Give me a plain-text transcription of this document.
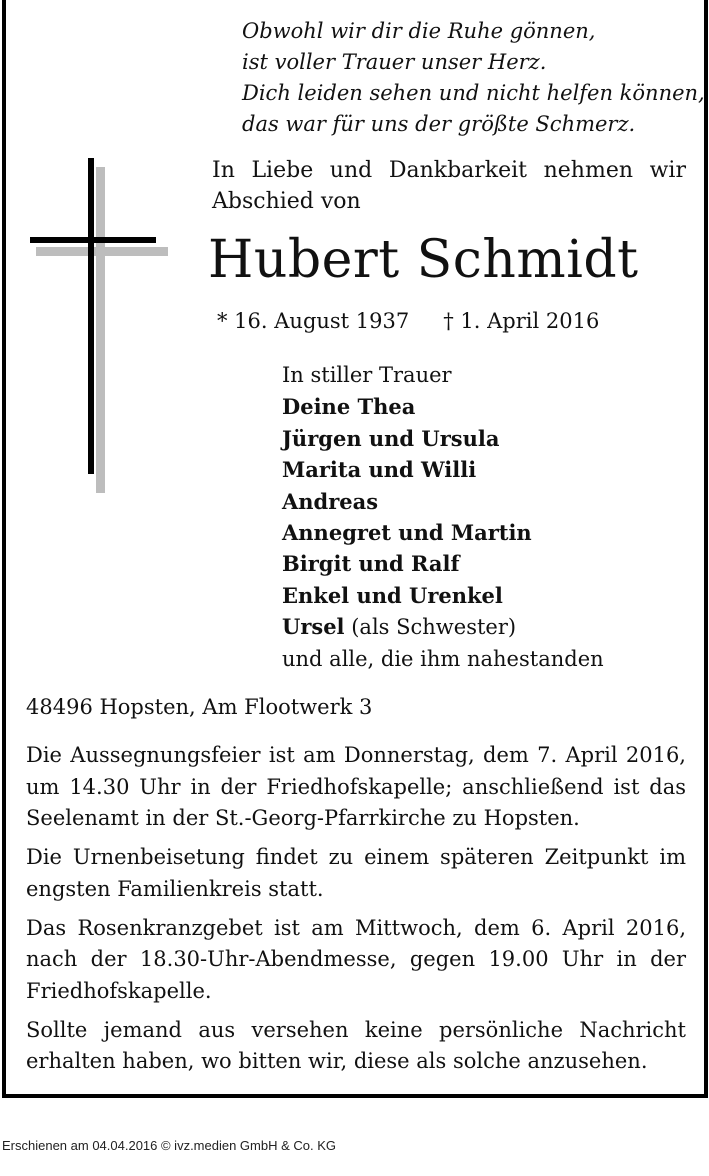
Obwohl wir dir die Ruhe gönnen,
ist voller Trauer unser Herz.
Dich leiden sehen und nicht helfen können,
das war für uns der größte Schmerz.
In Liebe und Dankbarkeit nehmen wir Abschied von
Hubert Schmidt
* 16. August 1937 † 1. April 2016
In stiller Trauer
Deine Thea
Jürgen und Ursula
Marita und Willi
Andreas
Annegret und Martin
Birgit und Ralf
Enkel und Urenkel
Ursel (als Schwester)
und alle, die ihm nahestanden
48496 Hopsten, Am Flootwerk 3

Die Aussegnungsfeier ist am Donnerstag, dem 7. April 2016, um 14.30 Uhr in der Friedhofskapelle; anschließend ist das Seelenamt in der St.-Georg-Pfarrkirche zu Hopsten.

Die Urnenbeisetung findet zu einem späteren Zeitpunkt im engsten Familienkreis statt.

Das Rosenkranzgebet ist am Mittwoch, dem 6. April 2016, nach der 18.30-Uhr-Abendmesse, gegen 19.00 Uhr in der Friedhofskapelle.

Sollte jemand aus versehen keine persönliche Nachricht erhalten haben, wo bitten wir, diese als solche anzusehen.

Erschienen am 04.04.2016 © ivz.medien GmbH & Co. KG
